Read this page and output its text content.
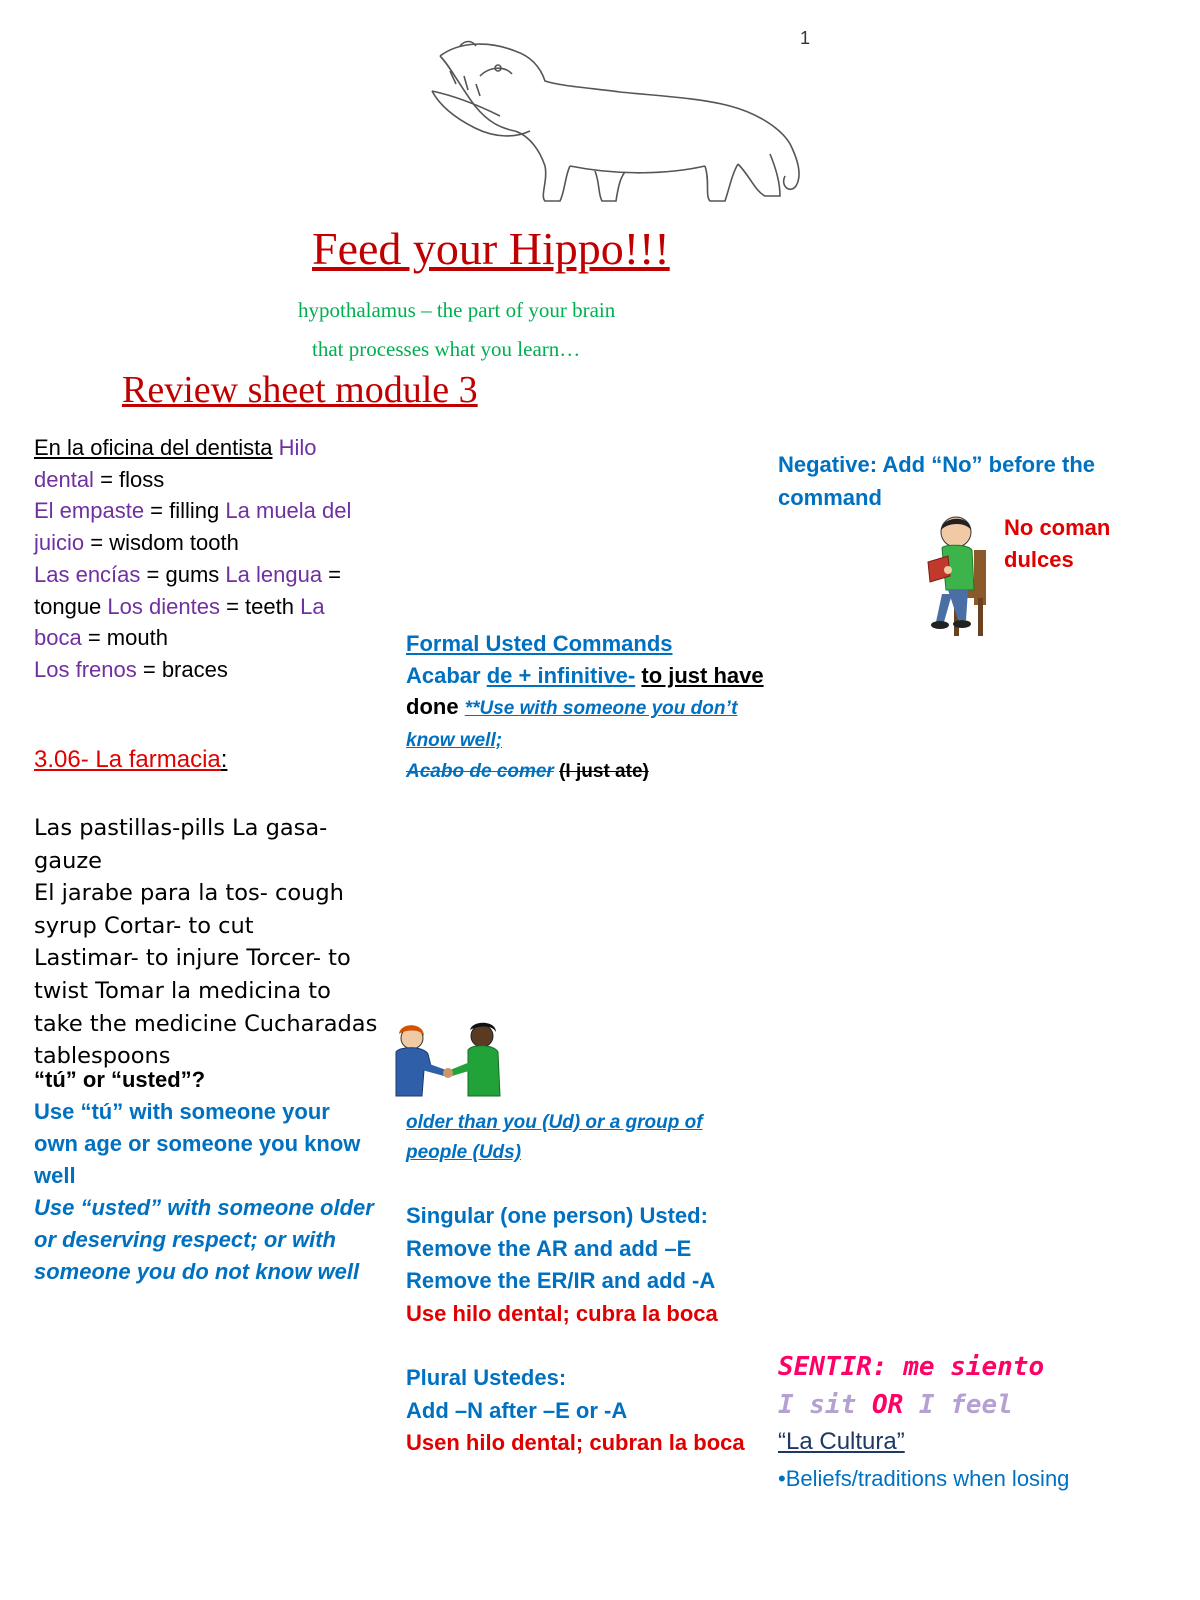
1
Feed your Hippo!!!
hypothalamus – the part of your brain
that processes what you learn…
Review sheet module 3
En la oficina del dentista Hilo
dental = floss
El empaste = filling La muela del
juicio = wisdom tooth
Las encías = gums La lengua =
tongue Los dientes = teeth La
boca = mouth
Los frenos = braces
3.06- La farmacia:
Las pastillas-pills La gasa-
gauze
El jarabe para la tos- cough
syrup Cortar- to cut
Lastimar- to injure Torcer- to
twist Tomar la medicina to
take the medicine Cucharadas
tablespoons
“tú” or “usted”?
Use “tú” with someone your
own age or someone you know
well
Use “usted” with someone older
or deserving respect; or with
someone you do not know well
Formal Usted Commands
Acabar de + infinitive- to just have
done **Use with someone you don’t
know well;
Acabo de comer (I just ate)
older than you (Ud) or a group of
people (Uds)
Singular (one person) Usted:
Remove the AR and add –E
Remove the ER/IR and add -A
Use hilo dental; cubra la boca
Plural Ustedes:
Add –N after –E or -A
Usen hilo dental; cubran la boca
Negative: Add “No” before the
command
No coman
dulces
SENTIR: me siento
I sit OR I feel
“La Cultura”
•Beliefs/traditions when losing
